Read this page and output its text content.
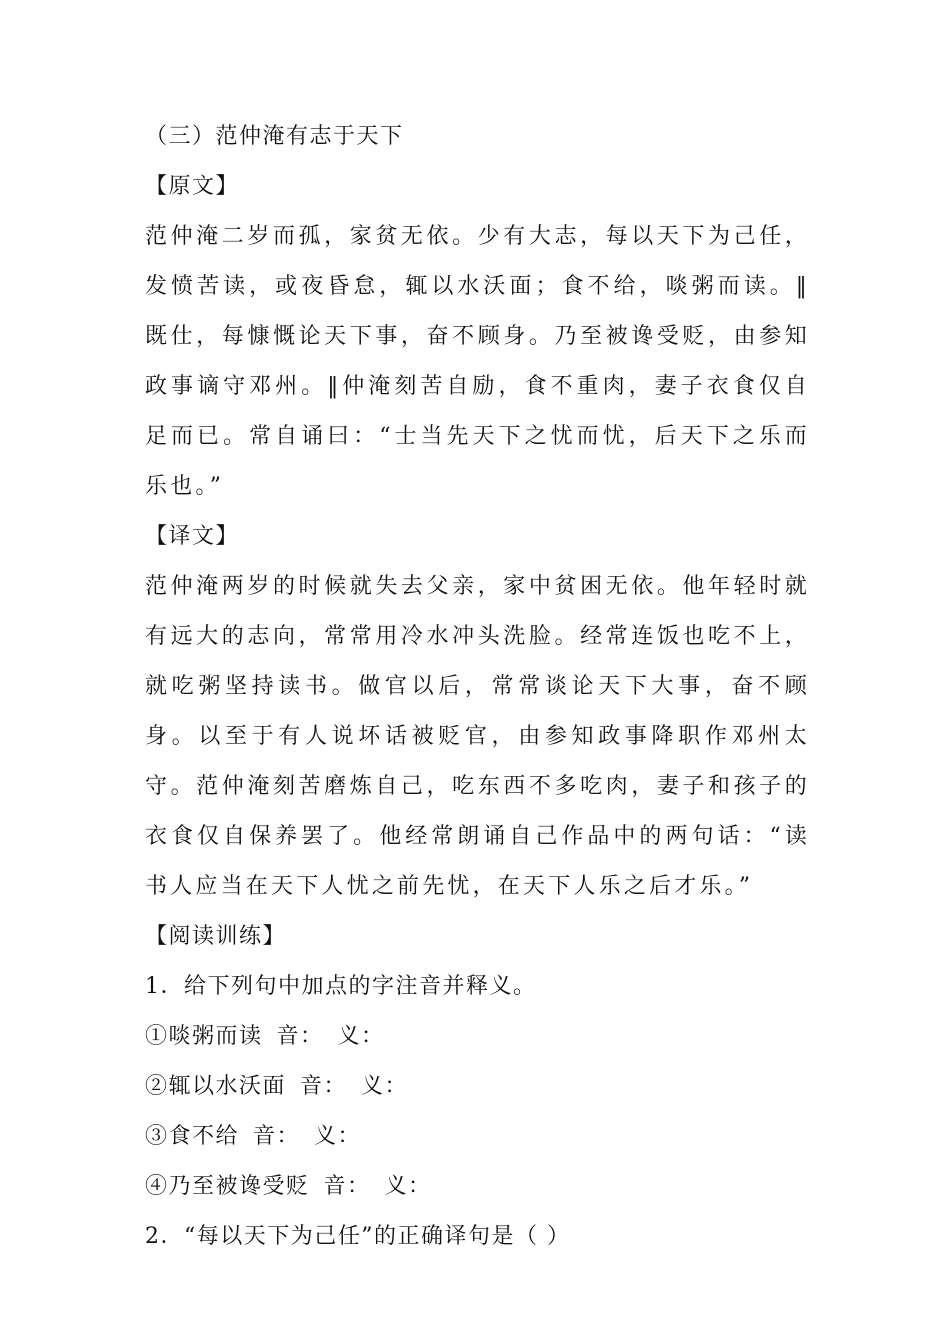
（三）范仲淹有志于天下
【原文】
范仲淹二岁而孤，家贫无依。少有大志，每以天下为己任，发愤苦读，或夜昏怠，辄以水沃面；食不给，啖粥而读。‖既仕，每慷慨论天下事，奋不顾身。乃至被谗受贬，由参知政事谪守邓州。‖仲淹刻苦自励，食不重肉，妻子衣食仅自足而已。常自诵曰：“士当先天下之忧而忧，后天下之乐而乐也。”
【译文】
范仲淹两岁的时候就失去父亲，家中贫困无依。他年轻时就有远大的志向，常常用冷水冲头洗脸。经常连饭也吃不上，就吃粥坚持读书。做官以后，常常谈论天下大事，奋不顾身。以至于有人说坏话被贬官，由参知政事降职作邓州太守。范仲淹刻苦磨炼自己，吃东西不多吃肉，妻子和孩子的衣食仅自保养罢了。他经常朗诵自己作品中的两句话：“读书人应当在天下人忧之前先忧，在天下人乐之后才乐。”
【阅读训练】
1．给下列句中加点的字注音并释义。
①啖粥而读 音： 义：
②辄以水沃面 音： 义：
③食不给 音： 义：
④乃至被谗受贬 音： 义：
2．“每以天下为己任”的正确译句是（ ）
